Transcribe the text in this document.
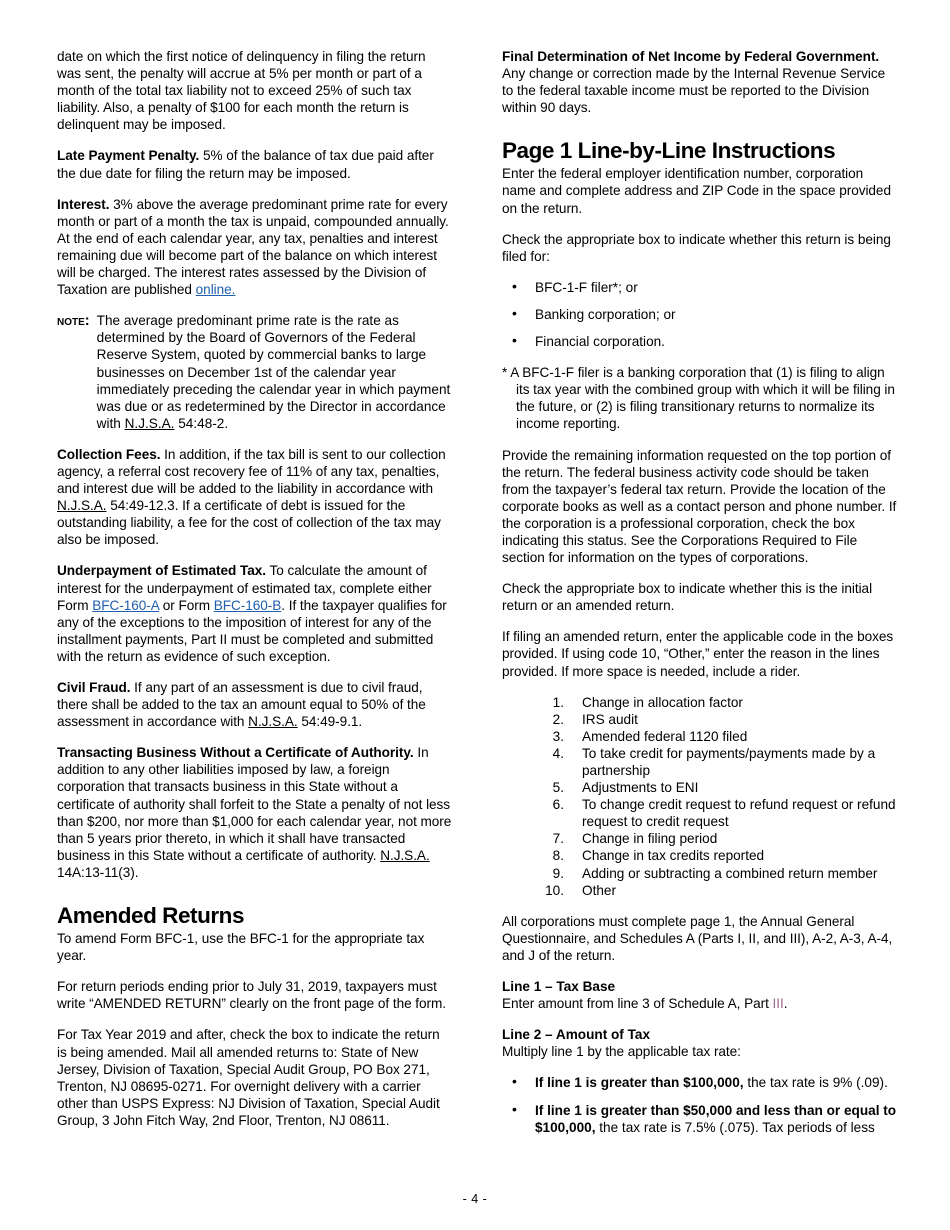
date on which the first notice of delinquency in filing the return was sent, the penalty will accrue at 5% per month or part of a month of the total tax liability not to exceed 25% of such tax liability. Also, a penalty of $100 for each month the return is delinquent may be imposed.

Late Payment Penalty. 5% of the balance of tax due paid after the due date for filing the return may be imposed.

Interest. 3% above the average predominant prime rate for every month or part of a month the tax is unpaid, compounded annually. At the end of each calendar year, any tax, penalties and interest remaining due will become part of the balance on which interest will be charged. The interest rates assessed by the Division of Taxation are published online.

note: The average predominant prime rate is the rate as determined by the Board of Governors of the Federal Reserve System, quoted by commercial banks to large businesses on December 1st of the calendar year immediately preceding the calendar year in which payment was due or as redetermined by the Director in accordance with N.J.S.A. 54:48-2.

Collection Fees. In addition, if the tax bill is sent to our collection agency, a referral cost recovery fee of 11% of any tax, penalties, and interest due will be added to the liability in accordance with N.J.S.A. 54:49-12.3. If a certificate of debt is issued for the outstanding liability, a fee for the cost of collection of the tax may also be imposed.

Underpayment of Estimated Tax. To calculate the amount of interest for the underpayment of estimated tax, complete either Form BFC-160-A or Form BFC-160-B. If the taxpayer qualifies for any of the exceptions to the imposition of interest for any of the installment payments, Part II must be completed and submitted with the return as evidence of such exception.

Civil Fraud. If any part of an assessment is due to civil fraud, there shall be added to the tax an amount equal to 50% of the assessment in accordance with N.J.S.A. 54:49-9.1.

Transacting Business Without a Certificate of Authority. In addition to any other liabilities imposed by law, a foreign corporation that transacts business in this State without a certificate of authority shall forfeit to the State a penalty of not less than $200, nor more than $1,000 for each calendar year, not more than 5 years prior thereto, in which it shall have transacted business in this State without a certificate of authority. N.J.S.A. 14A:13-11(3).

Amended Returns

To amend Form BFC-1, use the BFC-1 for the appropriate tax year.

For return periods ending prior to July 31, 2019, taxpayers must write “AMENDED RETURN” clearly on the front page of the form.

For Tax Year 2019 and after, check the box to indicate the return is being amended. Mail all amended returns to: State of New Jersey, Division of Taxation, Special Audit Group, PO Box 271, Trenton, NJ 08695-0271. For overnight delivery with a carrier other than USPS Express: NJ Division of Taxation, Special Audit Group, 3 John Fitch Way, 2nd Floor, Trenton, NJ 08611.

Final Determination of Net Income by Federal Government. Any change or correction made by the Internal Revenue Service to the federal taxable income must be reported to the Division within 90 days.

Page 1 Line-by-Line Instructions

Enter the federal employer identification number, corporation name and complete address and ZIP Code in the space provided on the return.

Check the appropriate box to indicate whether this return is being filed for:

• BFC-1-F filer*; or
• Banking corporation; or
• Financial corporation.

* A BFC-1-F filer is a banking corporation that (1) is filing to align its tax year with the combined group with which it will be filing in the future, or (2) is filing transitionary returns to normalize its income reporting.

Provide the remaining information requested on the top portion of the return. The federal business activity code should be taken from the taxpayer’s federal tax return. Provide the location of the corporate books as well as a contact person and phone number. If the corporation is a professional corporation, check the box indicating this status. See the Corporations Required to File section for information on the types of corporations.

Check the appropriate box to indicate whether this is the initial return or an amended return.

If filing an amended return, enter the applicable code in the boxes provided. If using code 10, “Other,” enter the reason in the lines provided. If more space is needed, include a rider.

1. Change in allocation factor
2. IRS audit
3. Amended federal 1120 filed
4. To take credit for payments/payments made by a partnership
5. Adjustments to ENI
6. To change credit request to refund request or refund request to credit request
7. Change in filing period
8. Change in tax credits reported
9. Adding or subtracting a combined return member
10. Other

All corporations must complete page 1, the Annual General Questionnaire, and Schedules A (Parts I, II, and III), A-2, A-3, A-4, and J of the return.

Line 1 – Tax Base

Enter amount from line 3 of Schedule A, Part III.

Line 2 – Amount of Tax

Multiply line 1 by the applicable tax rate:

• If line 1 is greater than $100,000, the tax rate is 9% (.09).
• If line 1 is greater than $50,000 and less than or equal to $100,000, the tax rate is 7.5% (.075). Tax periods of less
- 4 -
